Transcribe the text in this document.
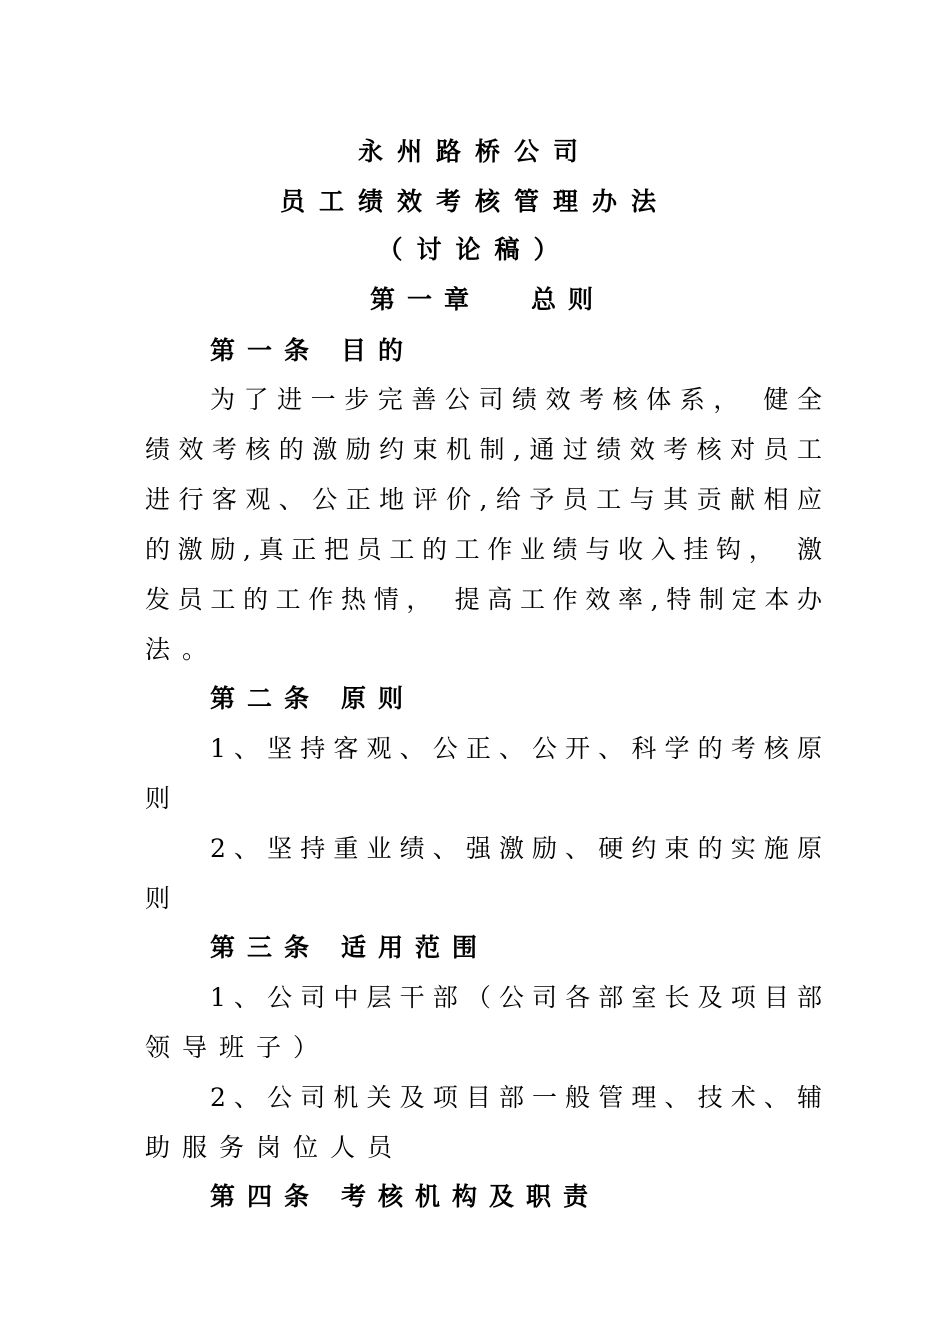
永州路桥公司
员工绩效考核管理办法
（讨论稿）
第一章 总则
第一条 目的
为了进一步完善公司绩效考核体系， 健全
绩效考核的激励约束机制,通过绩效考核对员工
进行客观、公正地评价,给予员工与其贡献相应
的激励,真正把员工的工作业绩与收入挂钩， 激
发员工的工作热情， 提高工作效率,特制定本办
法。
第二条 原则
1、坚持客观、公正、公开、科学的考核原
则
2、坚持重业绩、强激励、硬约束的实施原
则
第三条 适用范围
1、公司中层干部（公司各部室长及项目部
领导班子）
2、公司机关及项目部一般管理、技术、辅
助服务岗位人员
第四条 考核机构及职责
